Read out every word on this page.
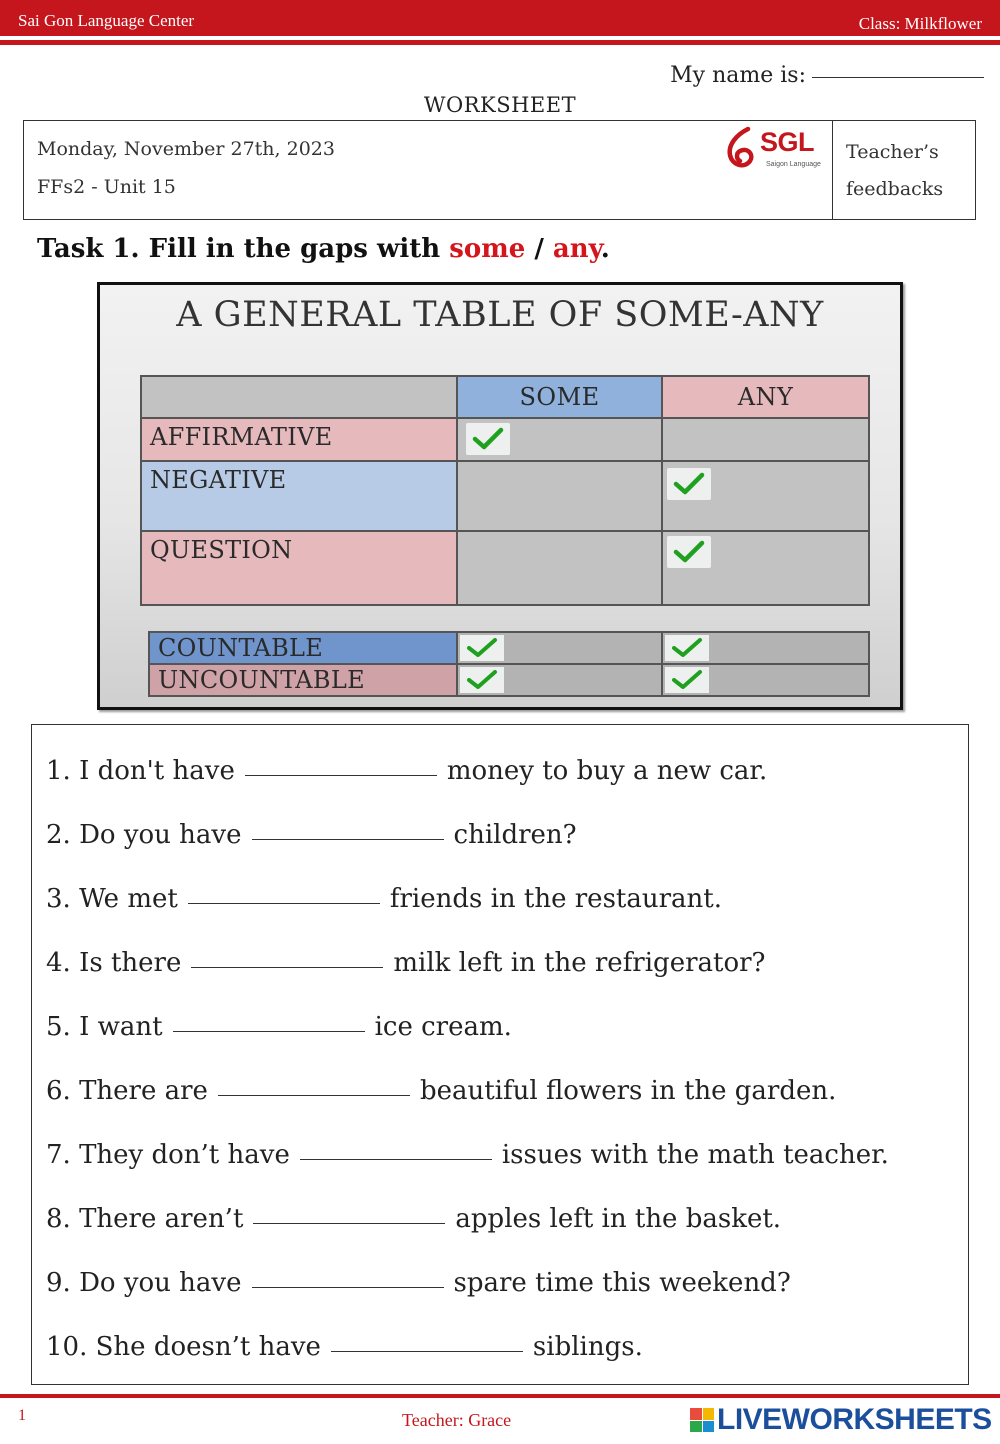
Sai Gon Language Center	Class: Milkflower
My name is:
WORKSHEET
Monday, November 27th, 2023
FFs2 - Unit 15
SGL
Saigon Language
Teacher’s
feedbacks
Task 1. Fill in the gaps with some / any.
A GENERAL TABLE OF SOME-ANY
	SOME	ANY
AFFIRMATIVE	

NEGATIVE		

QUESTION		
COUNTABLE	

UNCOUNTABLE	

1. I don't have	money to buy a new car.
2. Do you have	children?
3. We met	friends in the restaurant.
4. Is there	milk left in the refrigerator?
5. I want	ice cream.
6. There are	beautiful flowers in the garden.
7. They don’t have	issues with the math teacher.
8. There aren’t	apples left in the basket.
9. Do you have	spare time this weekend?
10. She doesn’t have	siblings.
1	Teacher: Grace	LIVEWORKSHEETS
